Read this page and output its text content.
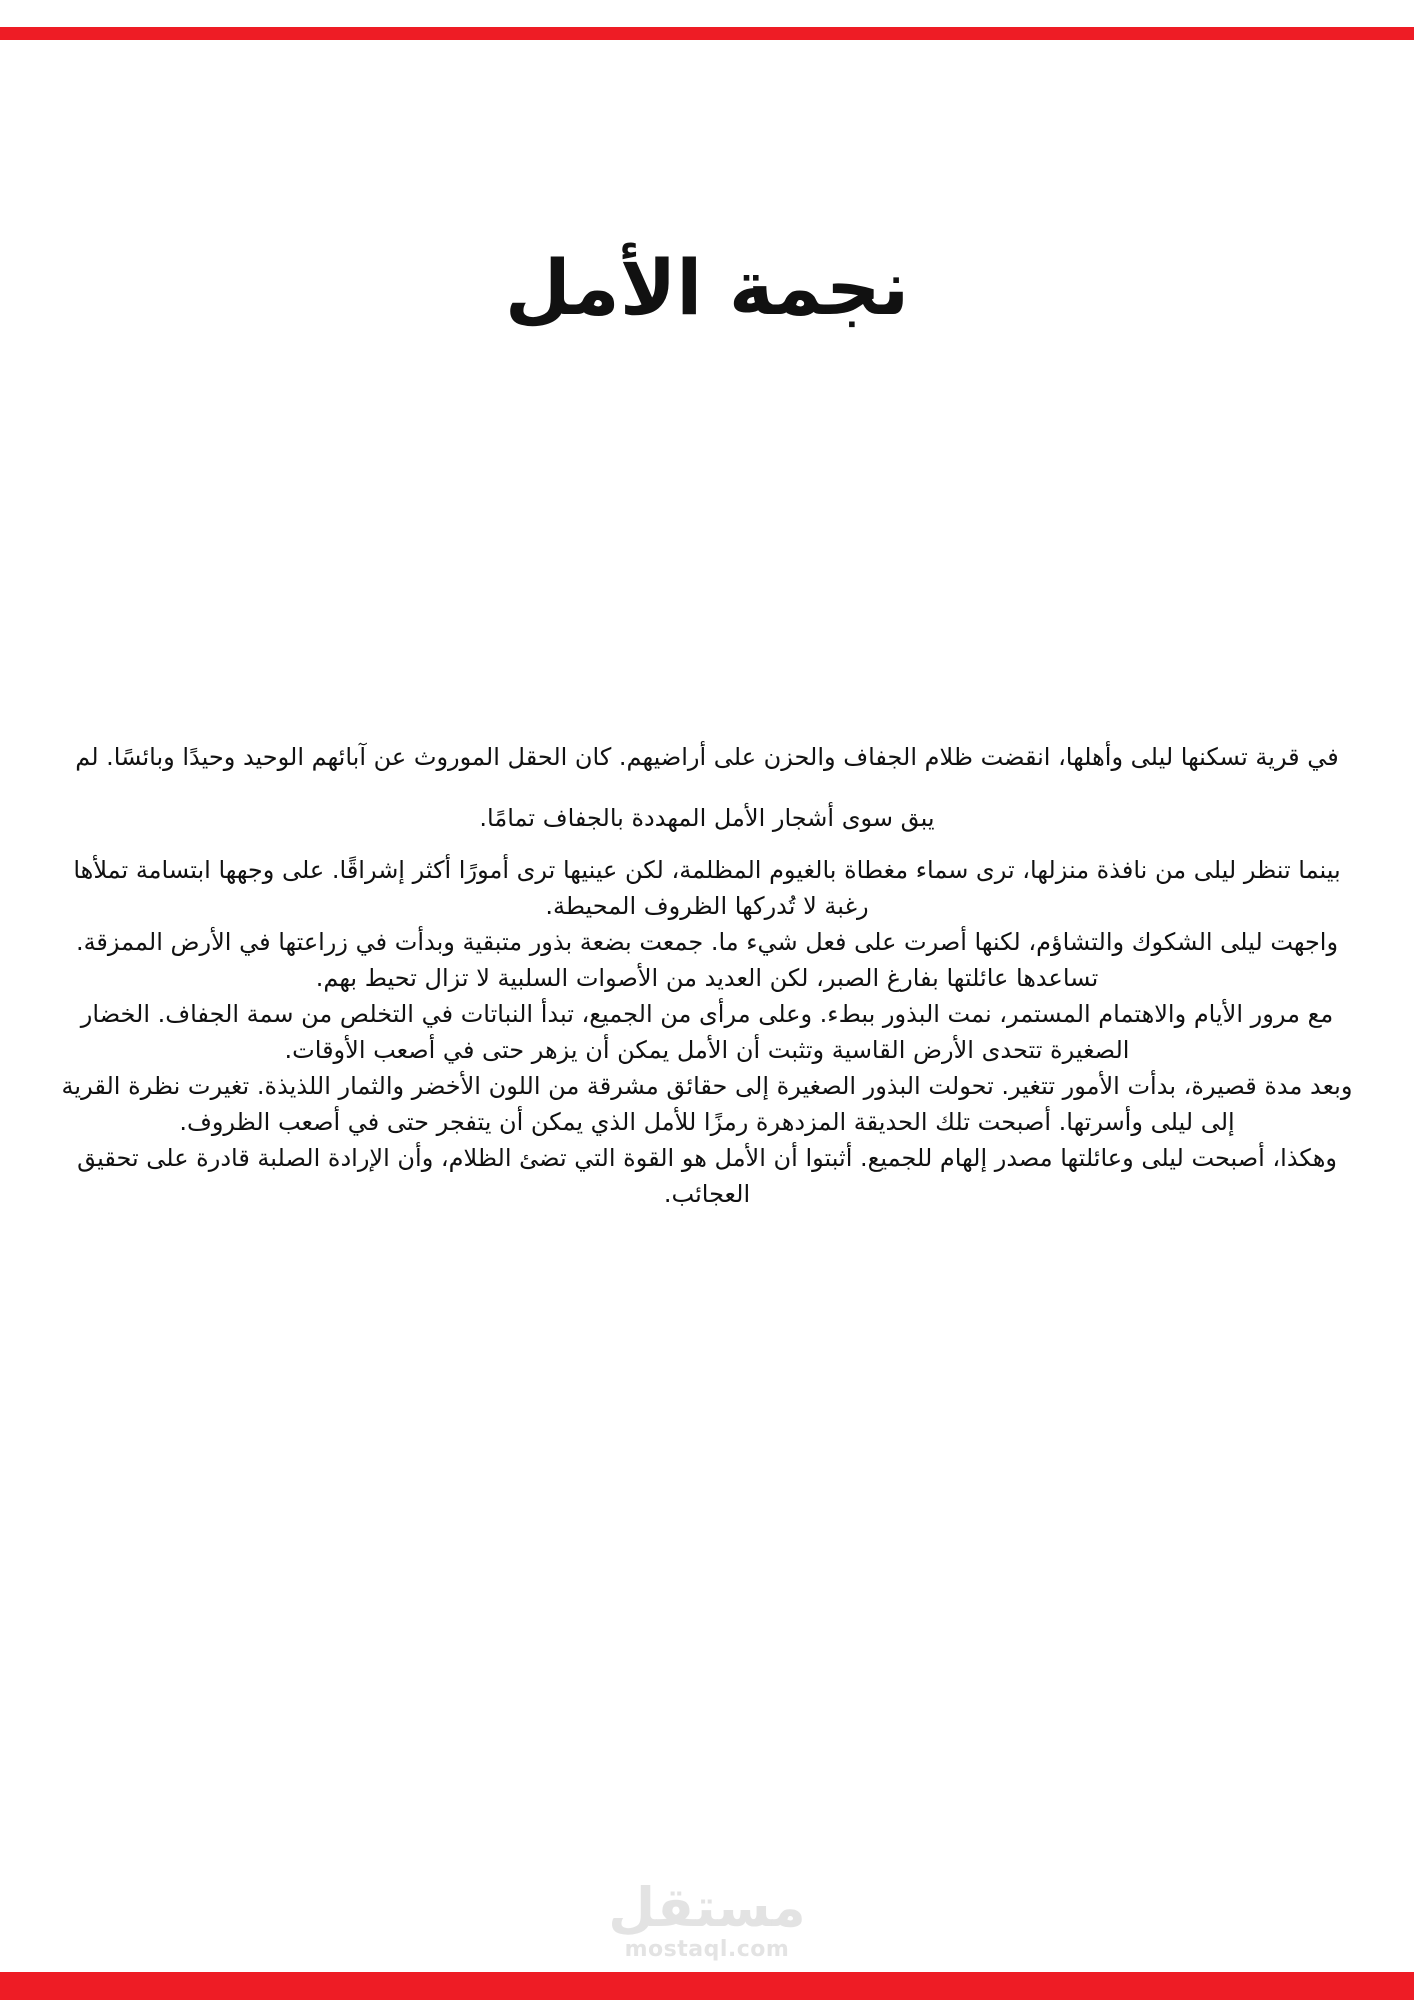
نجمة الأمل

في قرية تسكنها ليلى وأهلها، انقضت ظلام الجفاف والحزن على أراضيهم. كان الحقل الموروث عن آبائهم الوحيد وحيدًا وبائسًا. لم

يبق سوى أشجار الأمل المهددة بالجفاف تمامًا.

بينما تنظر ليلى من نافذة منزلها، ترى سماء مغطاة بالغيوم المظلمة، لكن عينيها ترى أمورًا أكثر إشراقًا. على وجهها ابتسامة تملأها رغبة لا تُدركها الظروف المحيطة.

واجهت ليلى الشكوك والتشاؤم، لكنها أصرت على فعل شيء ما. جمعت بضعة بذور متبقية وبدأت في زراعتها في الأرض الممزقة. تساعدها عائلتها بفارغ الصبر، لكن العديد من الأصوات السلبية لا تزال تحيط بهم.

مع مرور الأيام والاهتمام المستمر، نمت البذور ببطء. وعلى مرأى من الجميع، تبدأ النباتات في التخلص من سمة الجفاف. الخضار الصغيرة تتحدى الأرض القاسية وتثبت أن الأمل يمكن أن يزهر حتى في أصعب الأوقات.

وبعد مدة قصيرة، بدأت الأمور تتغير. تحولت البذور الصغيرة إلى حقائق مشرقة من اللون الأخضر والثمار اللذيذة. تغيرت نظرة القرية إلى ليلى وأسرتها. أصبحت تلك الحديقة المزدهرة رمزًا للأمل الذي يمكن أن يتفجر حتى في أصعب الظروف.

وهكذا، أصبحت ليلى وعائلتها مصدر إلهام للجميع. أثبتوا أن الأمل هو القوة التي تضئ الظلام، وأن الإرادة الصلبة قادرة على تحقيق العجائب.

مستقل
mostaql.com
